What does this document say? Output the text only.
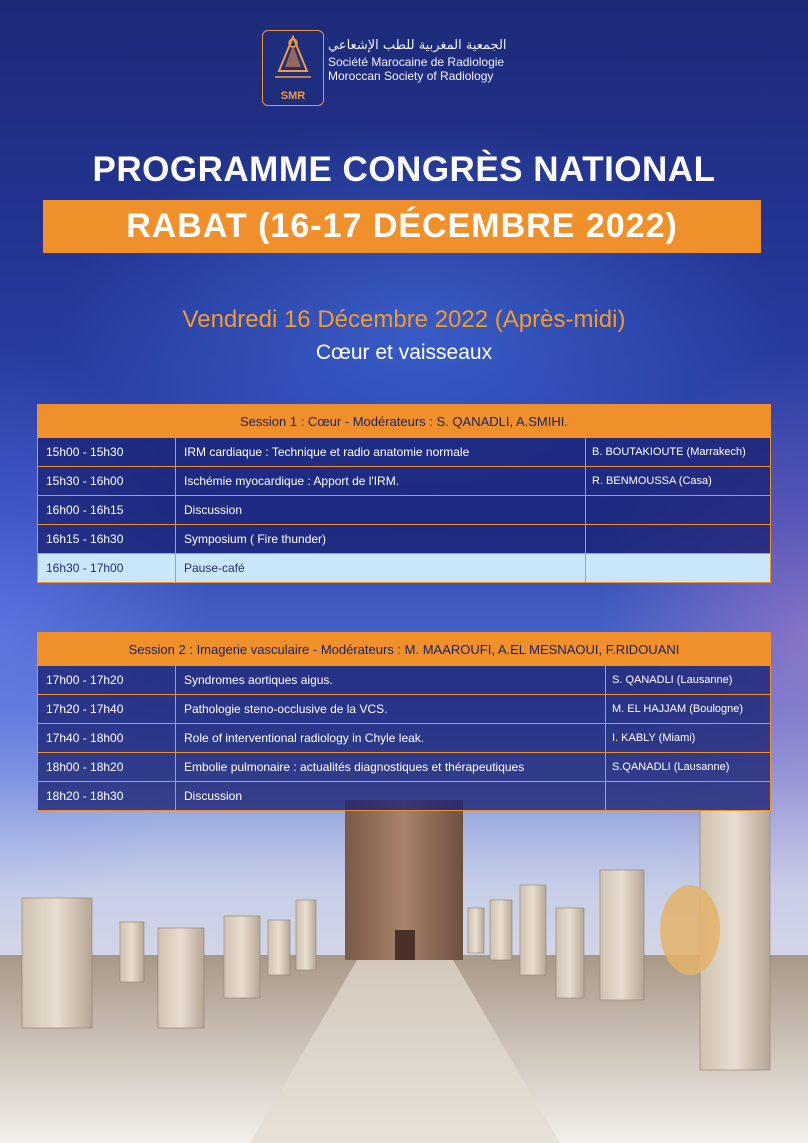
SMR
الجمعية المغربية للطب الإشعاعي
Société Marocaine de Radiologie
Moroccan Society of Radiology
PROGRAMME CONGRÈS NATIONAL
RABAT (16-17 DÉCEMBRE 2022)
Vendredi 16 Décembre 2022 (Après-midi)
Cœur et vaisseaux
Session 1 : Cœur - Modérateurs : S. QANADLI, A.SMIHI.		
15h00 - 15h30	IRM cardiaque : Technique et radio anatomie normale	B. BOUTAKIOUTE (Marrakech)
15h30 - 16h00	Ischémie myocardique : Apport de l'IRM.	R. BENMOUSSA (Casa)
16h00 - 16h15	Discussion	
16h15 - 16h30	Symposium ( Fire thunder)	
16h30 - 17h00	Pause-café	
Session 2 : Imagerie vasculaire - Modérateurs : M. MAAROUFI, A.EL MESNAOUI, F.RIDOUANI		
17h00 - 17h20	Syndromes aortiques aigus.	S. QANADLI (Lausanne)
17h20 - 17h40	Pathologie steno-occlusive de la VCS.	M. EL HAJJAM (Boulogne)
17h40 - 18h00	Role of interventional radiology in Chyle leak.	I. KABLY (Miami)
18h00 - 18h20	Embolie pulmonaire : actualités diagnostiques et thérapeutiques	S.QANADLI (Lausanne)
18h20 - 18h30	Discussion	
